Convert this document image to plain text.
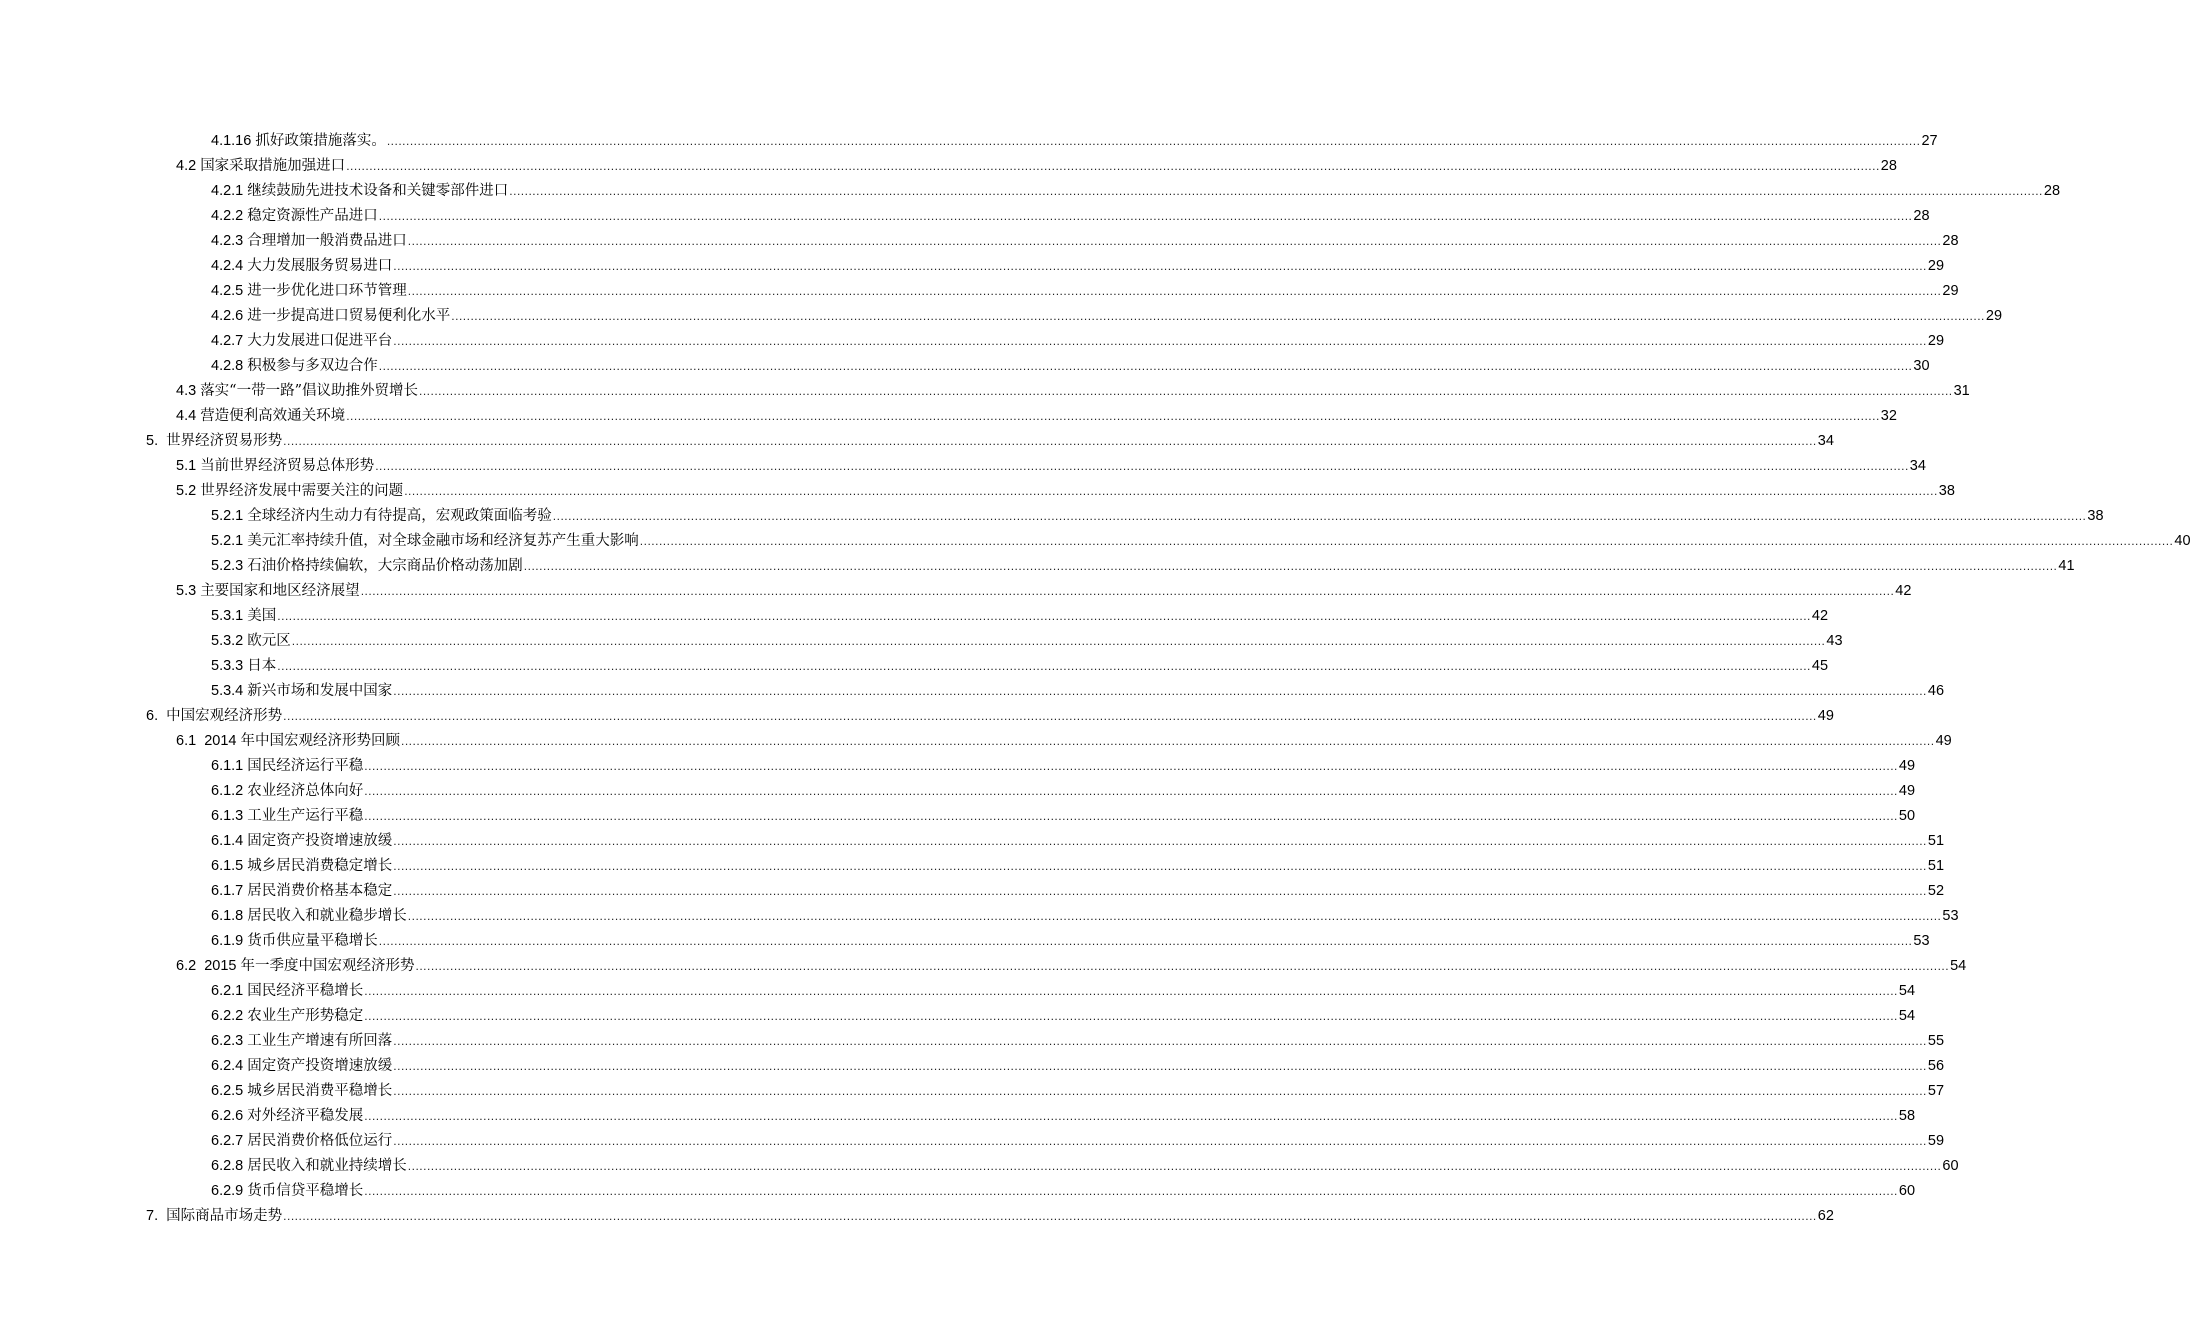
4.1.16 抓好政策措施落实。 ................................................................................................................................................................................................................................................................................................................................................................................................................ 27
4.2 国家采取措施加强进口 ................................................................................................................................................................................................................................................................................................................................................................................................................ 28
4.2.1 继续鼓励先进技术设备和关键零部件进口 ................................................................................................................................................................................................................................................................................................................................................................................................................ 28
4.2.2 稳定资源性产品进口 ................................................................................................................................................................................................................................................................................................................................................................................................................ 28
4.2.3 合理增加一般消费品进口 ................................................................................................................................................................................................................................................................................................................................................................................................................ 28
4.2.4 大力发展服务贸易进口 ................................................................................................................................................................................................................................................................................................................................................................................................................ 29
4.2.5 进一步优化进口环节管理 ................................................................................................................................................................................................................................................................................................................................................................................................................ 29
4.2.6 进一步提高进口贸易便利化水平 ................................................................................................................................................................................................................................................................................................................................................................................................................ 29
4.2.7 大力发展进口促进平台 ................................................................................................................................................................................................................................................................................................................................................................................................................ 29
4.2.8 积极参与多双边合作 ................................................................................................................................................................................................................................................................................................................................................................................................................ 30
4.3 落实“一带一路”倡议助推外贸增长 ................................................................................................................................................................................................................................................................................................................................................................................................................ 31
4.4 营造便利高效通关环境 ................................................................................................................................................................................................................................................................................................................................................................................................................ 32
5. 世界经济贸易形势 ................................................................................................................................................................................................................................................................................................................................................................................................................ 34
5.1 当前世界经济贸易总体形势 ................................................................................................................................................................................................................................................................................................................................................................................................................ 34
5.2 世界经济发展中需要关注的问题 ................................................................................................................................................................................................................................................................................................................................................................................................................ 38
5.2.1 全球经济内生动力有待提高，宏观政策面临考验 ................................................................................................................................................................................................................................................................................................................................................................................................................ 38
5.2.1 美元汇率持续升值，对全球金融市场和经济复苏产生重大影响 ................................................................................................................................................................................................................................................................................................................................................................................................................ 40
5.2.3 石油价格持续偏软，大宗商品价格动荡加剧 ................................................................................................................................................................................................................................................................................................................................................................................................................ 41
5.3 主要国家和地区经济展望 ................................................................................................................................................................................................................................................................................................................................................................................................................ 42
5.3.1 美国 ................................................................................................................................................................................................................................................................................................................................................................................................................ 42
5.3.2 欧元区 ................................................................................................................................................................................................................................................................................................................................................................................................................ 43
5.3.3 日本 ................................................................................................................................................................................................................................................................................................................................................................................................................ 45
5.3.4 新兴市场和发展中国家 ................................................................................................................................................................................................................................................................................................................................................................................................................ 46
6. 中国宏观经济形势 ................................................................................................................................................................................................................................................................................................................................................................................................................ 49
6.1  2014 年中国宏观经济形势回顾 ................................................................................................................................................................................................................................................................................................................................................................................................................ 49
6.1.1 国民经济运行平稳 ................................................................................................................................................................................................................................................................................................................................................................................................................ 49
6.1.2 农业经济总体向好 ................................................................................................................................................................................................................................................................................................................................................................................................................ 49
6.1.3 工业生产运行平稳 ................................................................................................................................................................................................................................................................................................................................................................................................................ 50
6.1.4 固定资产投资增速放缓 ................................................................................................................................................................................................................................................................................................................................................................................................................ 51
6.1.5 城乡居民消费稳定增长 ................................................................................................................................................................................................................................................................................................................................................................................................................ 51
6.1.7 居民消费价格基本稳定 ................................................................................................................................................................................................................................................................................................................................................................................................................ 52
6.1.8 居民收入和就业稳步增长 ................................................................................................................................................................................................................................................................................................................................................................................................................ 53
6.1.9 货币供应量平稳增长 ................................................................................................................................................................................................................................................................................................................................................................................................................ 53
6.2  2015 年一季度中国宏观经济形势 ................................................................................................................................................................................................................................................................................................................................................................................................................ 54
6.2.1 国民经济平稳增长 ................................................................................................................................................................................................................................................................................................................................................................................................................ 54
6.2.2 农业生产形势稳定 ................................................................................................................................................................................................................................................................................................................................................................................................................ 54
6.2.3 工业生产增速有所回落 ................................................................................................................................................................................................................................................................................................................................................................................................................ 55
6.2.4 固定资产投资增速放缓 ................................................................................................................................................................................................................................................................................................................................................................................................................ 56
6.2.5 城乡居民消费平稳增长 ................................................................................................................................................................................................................................................................................................................................................................................................................ 57
6.2.6 对外经济平稳发展 ................................................................................................................................................................................................................................................................................................................................................................................................................ 58
6.2.7 居民消费价格低位运行 ................................................................................................................................................................................................................................................................................................................................................................................................................ 59
6.2.8 居民收入和就业持续增长 ................................................................................................................................................................................................................................................................................................................................................................................................................ 60
6.2.9 货币信贷平稳增长 ................................................................................................................................................................................................................................................................................................................................................................................................................ 60
7. 国际商品市场走势 ................................................................................................................................................................................................................................................................................................................................................................................................................ 62
